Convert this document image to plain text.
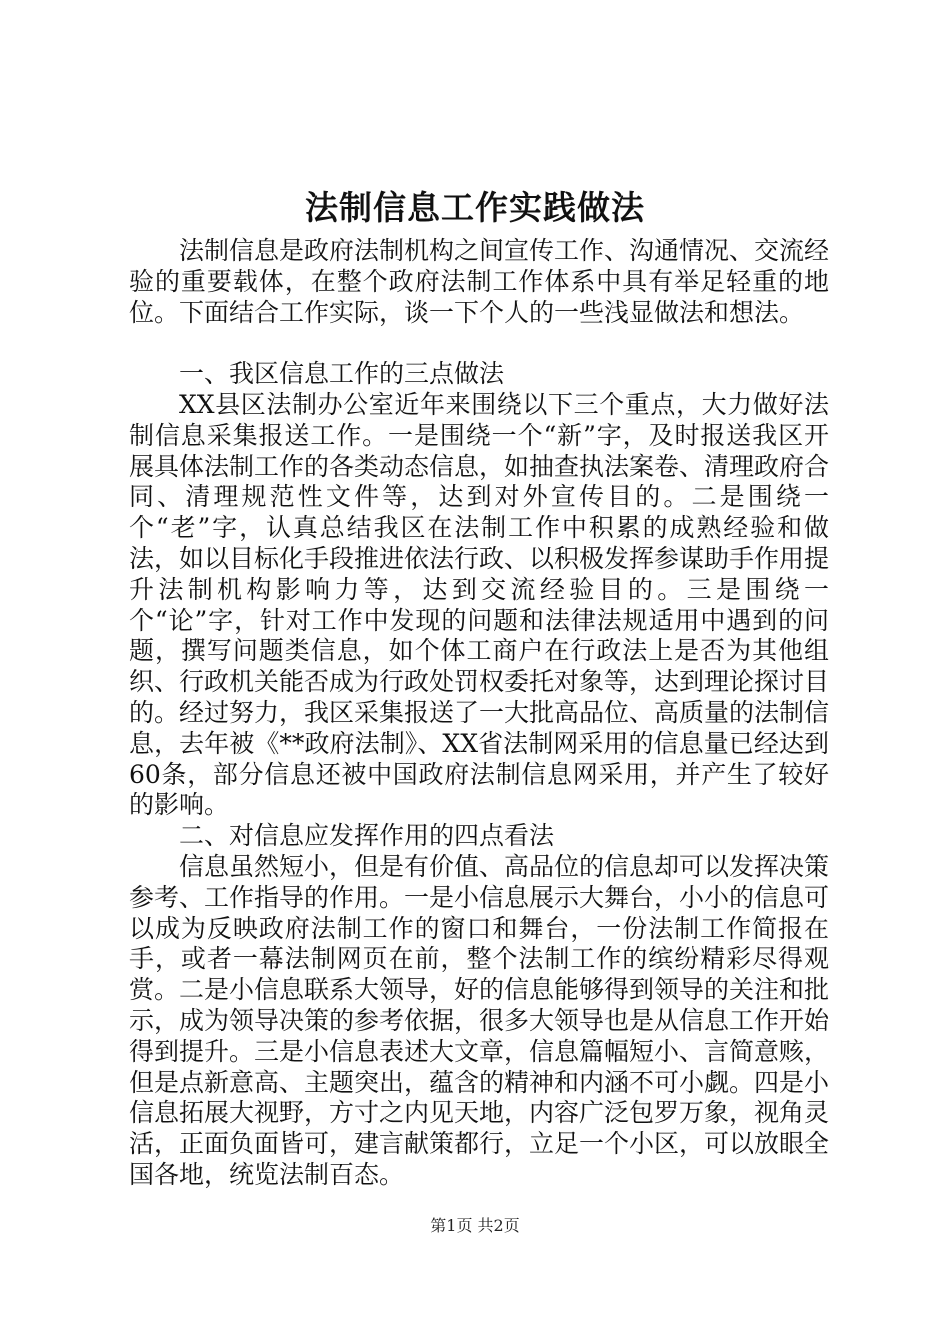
法制信息工作实践做法

法制信息是政府法制机构之间宣传工作、沟通情况、交流经验的重要载体，在整个政府法制工作体系中具有举足轻重的地位。下面结合工作实际，谈一下个人的一些浅显做法和想法。

一、我区信息工作的三点做法

XX县区法制办公室近年来围绕以下三个重点，大力做好法制信息采集报送工作。一是围绕一个“新”字，及时报送我区开展具体法制工作的各类动态信息，如抽查执法案卷、清理政府合同、清理规范性文件等，达到对外宣传目的。二是围绕一个“老”字，认真总结我区在法制工作中积累的成熟经验和做法，如以目标化手段推进依法行政、以积极发挥参谋助手作用提升法制机构影响力等，达到交流经验目的。三是围绕一个“论”字，针对工作中发现的问题和法律法规适用中遇到的问题，撰写问题类信息，如个体工商户在行政法上是否为其他组织、行政机关能否成为行政处罚权委托对象等，达到理论探讨目的。经过努力，我区采集报送了一大批高品位、高质量的法制信息，去年被《**政府法制》、XX省法制网采用的信息量已经达到60条，部分信息还被中国政府法制信息网采用，并产生了较好的影响。

二、对信息应发挥作用的四点看法

信息虽然短小，但是有价值、高品位的信息却可以发挥决策参考、工作指导的作用。一是小信息展示大舞台，小小的信息可以成为反映政府法制工作的窗口和舞台，一份法制工作简报在手，或者一幕法制网页在前，整个法制工作的缤纷精彩尽得观赏。二是小信息联系大领导，好的信息能够得到领导的关注和批示，成为领导决策的参考依据，很多大领导也是从信息工作开始得到提升。三是小信息表述大文章，信息篇幅短小、言简意赅，但是点新意高、主题突出，蕴含的精神和内涵不可小觑。四是小信息拓展大视野，方寸之内见天地，内容广泛包罗万象，视角灵活，正面负面皆可，建言献策都行，立足一个小区，可以放眼全国各地，统览法制百态。

第1页 共2页
